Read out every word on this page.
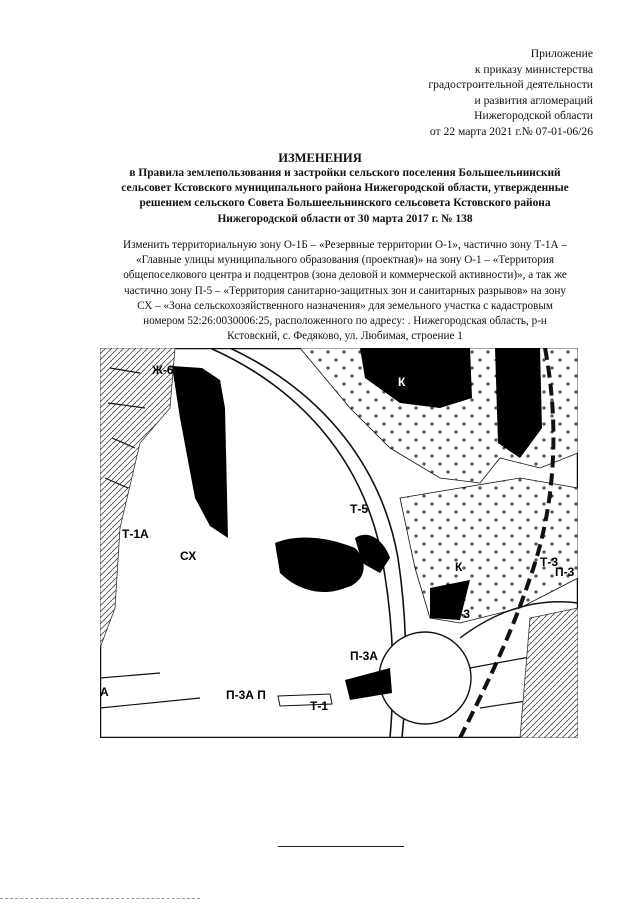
Приложение
к приказу министерства
градостроительной деятельности
и развития агломераций
Нижегородской области
от 22 марта 2021 г.№ 07-01-06/26
ИЗМЕНЕНИЯ
в Правила землепользования и застройки сельского поселения Большеельнинский
сельсовет Кстовского муниципального района Нижегородской области, утвержденные
решением сельского Совета Большеельнинского сельсовета Кстовского района
Нижегородской области от 30 марта 2017 г. № 138
Изменить территориальную зону О-1Б – «Резервные территории О-1», частично зону Т-1А –
«Главные улицы муниципального образования (проектная)» на зону О-1 – «Территория
общепоселкового центра и подцентров (зона деловой и коммерческой активности)», а так же
частично зону П-5 – «Территория санитарно-защитных зон и санитарных разрывов» на зону
СХ – «Зона сельскохозяйственного назначения» для земельного участка с кадастровым
номером 52:26:0030006:25, расположенного по адресу: . Нижегородская область, р-н
Кстовский, с. Федяково, ул. Любимая, строение 1
Ж-6
К
Т-3
Т-5
Т-1А
СХ	О-1
К	Т-3
П-3
Т-3
П-3А
А	П-3А П
Т-1
